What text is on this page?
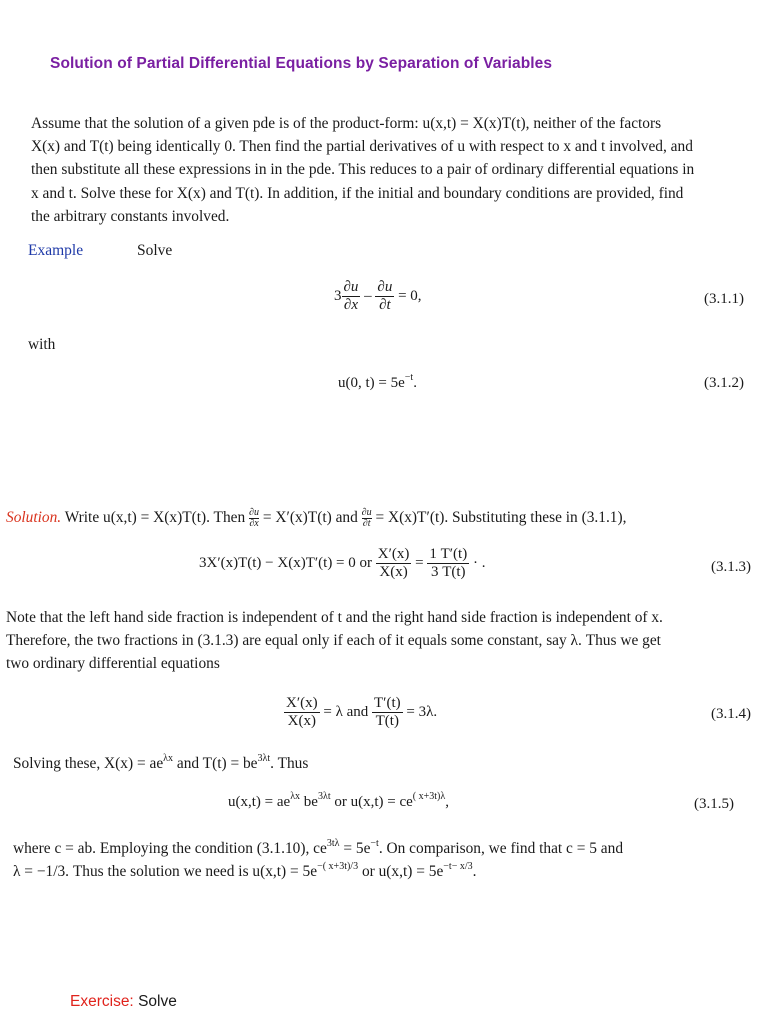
Solution of Partial Differential Equations by Separation of Variables

Assume that the solution of a given pde is of the product-form: u(x,t) = X(x)T(t), neither of the factors

X(x) and T(t) being identically 0. Then find the partial derivatives of u with respect to x and t involved, and

then substitute all these expressions in in the pde. This reduces to a pair of ordinary differential equations in

x and t. Solve these for X(x) and T(t). In addition, if the initial and boundary conditions are provided, find

the arbitrary constants involved.

Example	Solve
$3 \frac{\partial u}{\partial x} - \frac{\partial u}{\partial t} = 0$,	(3.1.1)
with
u(0, $t) = 5e^{-t}$.	(3.1.2)
Solution. Write u(x,t) = X(x)T(t). Then $\frac{\partial u}{\partial x} = X'(x)T(t)$ and $\frac{\partial u}{\partial t} = X(x)T'(t)$. Substituting these in (3.1.1),
3X′(x)T(t) − X(x)T′(t) = 0 or $\frac{X'(x)}{X(x)} = \frac{1 T'(t)}{3 T(t)}$ · .	(3.1.3)

Note that the left hand side fraction is independent of t and the right hand side fraction is independent of x.

Therefore, the two fractions in (3.1.3) are equal only if each of it equals some constant, say λ. Thus we get

two ordinary differential equations

$\frac{X'(x)}{X(x)} = \lambda$ and $\frac{T'(t)}{T(t)} = 3\lambda$.	(3.1.4)
Solving these, $X(x) = ae^{\lambda x}$ and $T(t) = be^{3\lambda t}$. Thus
$u(x,t) = ae^{\lambda x}$ $be^{3\lambda t}$ or $u(x,t) = ce^{( x+3t)\lambda}$,	(3.1.5)
where c = ab. Employing the condition (3.1.10), $ce^{3t\lambda} = 5e^{-t}$. On comparison, we find that c = 5 and
λ = −1/3. Thus the solution we need is $u(x,t) = 5e^{-( x+3t)/3}$ or $u(x,t) = 5e^{-t- x/3}$.
Exercise: Solve
